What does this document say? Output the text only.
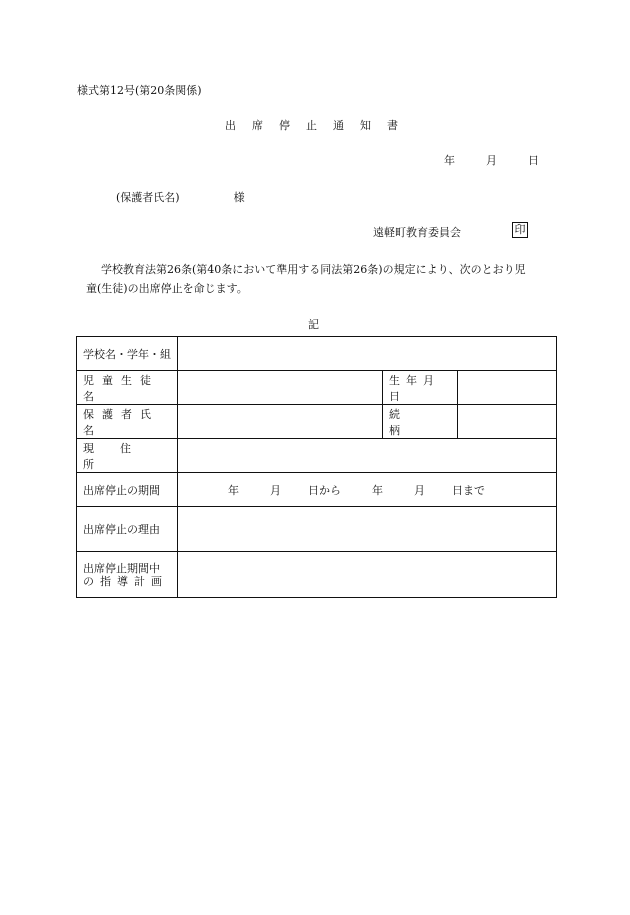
様式第12号(第20条関係)
出席停止通知書
年	月	日
(保護者氏名)	様
遠軽町教育委員会	印
学校教育法第26条(第40条において準用する同法第26条)の規定により、次のとおり児
童(生徒)の出席停止を命じます。
記
学校名・学年・組			
児童生徒名		生年月日	
保護者氏名		続柄	
現住所			
出席停止の期間	年 月 日から 年 月 日まで		
出席停止の理由			

出席停止期間中
の指導計画			
